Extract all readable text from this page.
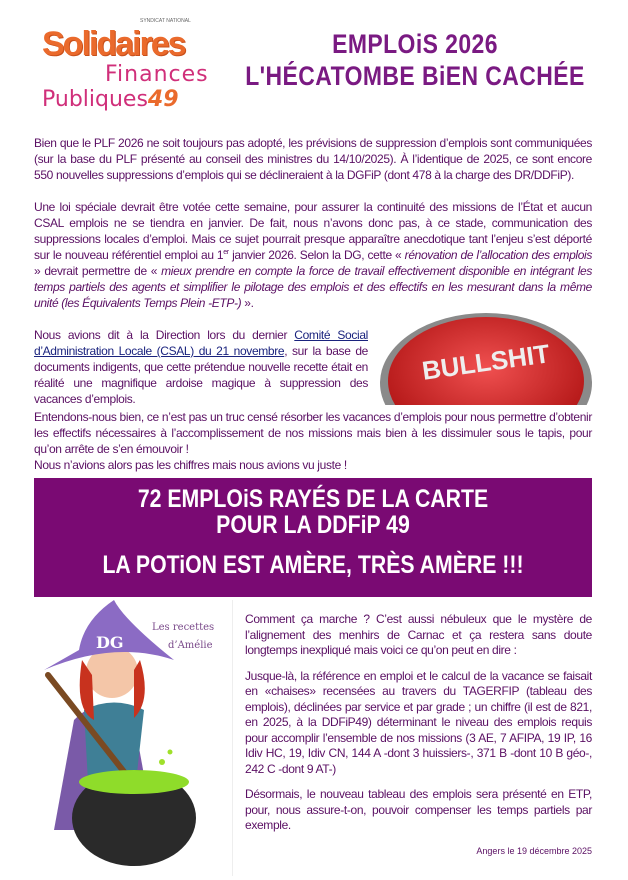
SYNDICAT NATIONAL
Solidaires
Finances
Publiques49
EMPLOiS 2026
L'HÉCATOMBE BiEN CACHÉE

Bien que le PLF 2026 ne soit toujours pas adopté, les prévisions de suppression d’emplois sont communiquées (sur la base du PLF présenté au conseil des ministres du 14/10/2025). À l’identique de 2025, ce sont encore 550 nouvelles suppressions d’emplois qui se déclineraient à la DGFiP (dont 478 à la charge des DR/DDFiP).

Une loi spéciale devrait être votée cette semaine, pour assurer la continuité des missions de l’État et aucun CSAL emplois ne se tiendra en janvier. De fait, nous n’avons donc pas, à ce stade, communication des suppressions locales d’emploi. Mais ce sujet pourrait presque apparaître anecdotique tant l’enjeu s’est déporté sur le nouveau référentiel emploi au 1er janvier 2026. Selon la DG, cette « rénovation de l’allocation des emplois » devrait permettre de « mieux prendre en compte la force de travail effectivement disponible en intégrant les temps partiels des agents et simplifier le pilotage des emplois et des effectifs en les mesurant dans la même unité (les Équivalents Temps Plein -ETP-) ».

BULLSHIT

Nous avions dit à la Direction lors du dernier Comité Social d’Administration Locale (CSAL) du 21 novembre, sur la base de documents indigents, que cette prétendue nouvelle recette était en réalité une magnifique ardoise magique à suppression des vacances d’emplois.

Entendons-nous bien, ce n’est pas un truc censé résorber les vacances d’emplois pour nous permettre d’obtenir les effectifs nécessaires à l’accomplissement de nos missions mais bien à les dissimuler sous le tapis, pour qu’on arrête de s’en émouvoir !

Nous n’avions alors pas les chiffres mais nous avions vu juste !

72 EMPLOiS RAYÉS DE LA CARTE
POUR LA DDFiP 49
LA POTiON EST AMÈRE, TRÈS AMÈRE !!!
DG
Les recettes
d’Amélie

Comment ça marche ? C’est aussi nébuleux que le mystère de l’alignement des menhirs de Carnac et ça restera sans doute longtemps inexpliqué mais voici ce qu’on peut en dire :

Jusque-là, la référence en emploi et le calcul de la vacance se faisait en «chaises» recensées au travers du TAGERFIP (tableau des emplois), déclinées par service et par grade ; un chiffre (il est de 821, en 2025, à la DDFiP49) déterminant le niveau des emplois requis pour accomplir l’ensemble de nos missions (3 AE, 7 AFIPA, 19 IP, 16 Idiv HC, 19, Idiv CN, 144 A -dont 3 huissiers-, 371 B -dont 10 B géo-, 242 C -dont 9 AT-)

Désormais, le nouveau tableau des emplois sera présenté en ETP, pour, nous assure-t-on, pouvoir compenser les temps partiels par exemple.

Angers le 19 décembre 2025
